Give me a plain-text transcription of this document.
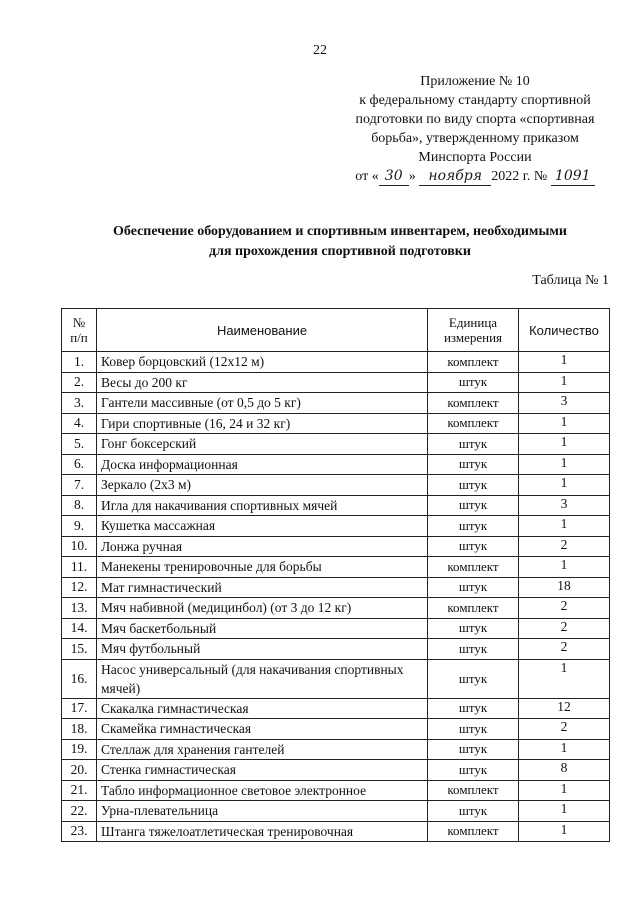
22
Приложение № 10
к федеральному стандарту спортивной
подготовки по виду спорта «спортивная
борьба», утвержденному приказом
Минспорта России
от « 30 » ноября 2022 г. № 1091
Обеспечение оборудованием и спортивным инвентарем, необходимыми
для прохождения спортивной подготовки
Таблица № 1
№ п/п	Наименование	Единица измерения	Количество
1.	Ковер борцовский (12х12 м)	комплект	1
2.	Весы до 200 кг	штук	1
3.	Гантели массивные (от 0,5 до 5 кг)	комплект	3
4.	Гири спортивные (16, 24 и 32 кг)	комплект	1
5.	Гонг боксерский	штук	1
6.	Доска информационная	штук	1
7.	Зеркало (2х3 м)	штук	1
8.	Игла для накачивания спортивных мячей	штук	3
9.	Кушетка массажная	штук	1
10.	Лонжа ручная	штук	2
11.	Манекены тренировочные для борьбы	комплект	1
12.	Мат гимнастический	штук	18
13.	Мяч набивной (медицинбол) (от 3 до 12 кг)	комплект	2
14.	Мяч баскетбольный	штук	2
15.	Мяч футбольный	штук	2
16.	Насос универсальный (для накачивания спортивных мячей)	штук	1
17.	Скакалка гимнастическая	штук	12
18.	Скамейка гимнастическая	штук	2
19.	Стеллаж для хранения гантелей	штук	1
20.	Стенка гимнастическая	штук	8
21.	Табло информационное световое электронное	комплект	1
22.	Урна-плевательница	штук	1
23.	Штанга тяжелоатлетическая тренировочная	комплект	1
